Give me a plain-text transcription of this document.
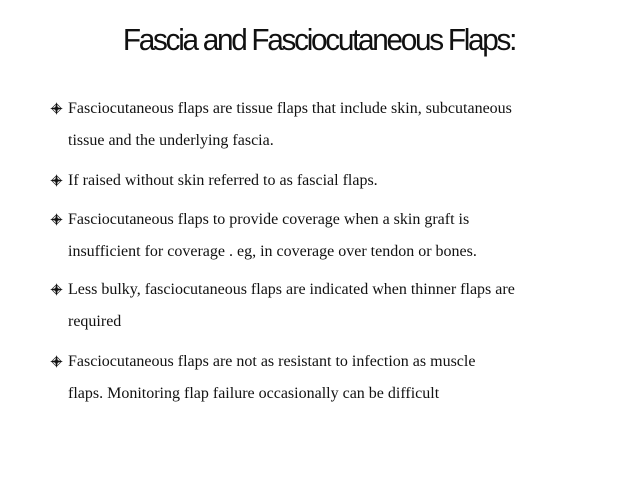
Fascia and Fasciocutaneous Flaps:
Fasciocutaneous flaps are tissue flaps that include skin, subcutaneous
tissue and the underlying fascia.
If raised without skin referred to as fascial flaps.
Fasciocutaneous flaps to provide coverage when a skin graft is
insufficient for coverage . eg, in coverage over tendon or bones.
Less bulky, fasciocutaneous flaps are indicated when thinner flaps are
required
Fasciocutaneous flaps are not as resistant to infection as muscle
flaps. Monitoring flap failure occasionally can be difficult
